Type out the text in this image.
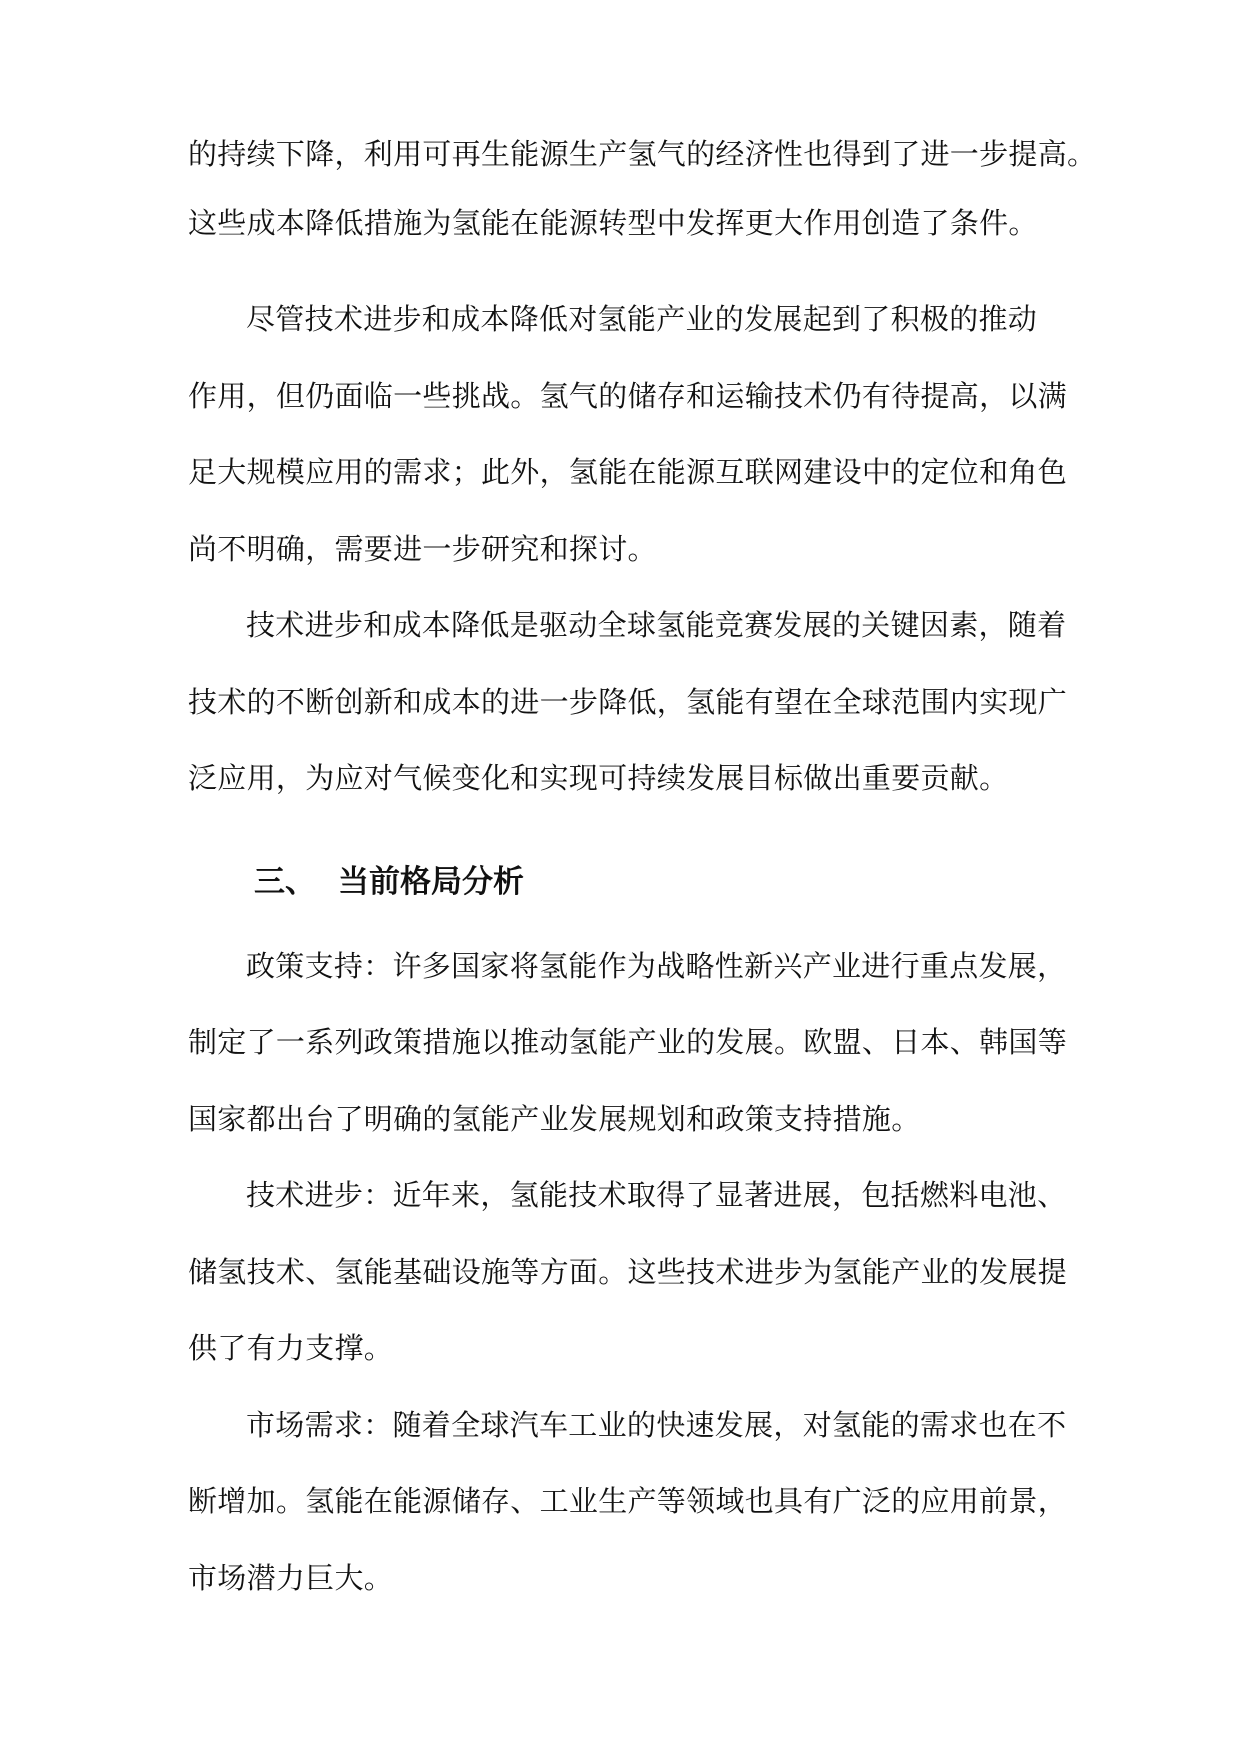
的持续下降，利用可再生能源生产氢气的经济性也得到了进一步提高。

这些成本降低措施为氢能在能源转型中发挥更大作用创造了条件。

尽管技术进步和成本降低对氢能产业的发展起到了积极的推动

作用，但仍面临一些挑战。氢气的储存和运输技术仍有待提高，以满

足大规模应用的需求；此外，氢能在能源互联网建设中的定位和角色

尚不明确，需要进一步研究和探讨。

技术进步和成本降低是驱动全球氢能竞赛发展的关键因素，随着

技术的不断创新和成本的进一步降低，氢能有望在全球范围内实现广

泛应用，为应对气候变化和实现可持续发展目标做出重要贡献。

三、 当前格局分析

政策支持：许多国家将氢能作为战略性新兴产业进行重点发展，

制定了一系列政策措施以推动氢能产业的发展。欧盟、日本、韩国等

国家都出台了明确的氢能产业发展规划和政策支持措施。

技术进步：近年来，氢能技术取得了显著进展，包括燃料电池、

储氢技术、氢能基础设施等方面。这些技术进步为氢能产业的发展提

供了有力支撑。

市场需求：随着全球汽车工业的快速发展，对氢能的需求也在不

断增加。氢能在能源储存、工业生产等领域也具有广泛的应用前景，

市场潜力巨大。
